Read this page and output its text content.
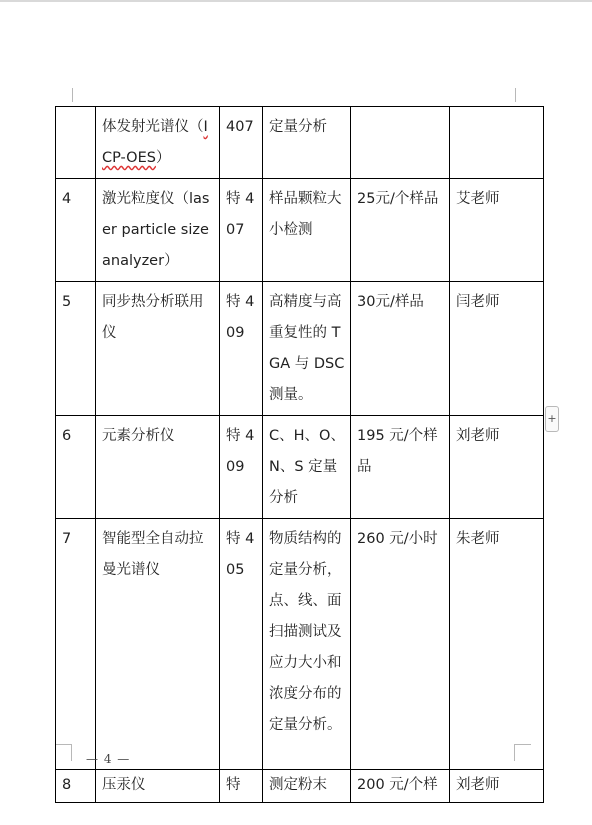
+
	体发射光谱仪（ICP-OES）	407	定量分析		
4	激光粒度仪（laser particle size analyzer）	特 407	样品颗粒大小检测	25元/个样品	艾老师
5	同步热分析联用仪	特 409	高精度与高重复性的 TGA 与 DSC 测量。	30元/样品	闫老师
6	元素分析仪	特 409	C、H、O、N、S 定量分析	195 元/个样品	刘老师
7	智能型全自动拉曼光谱仪	特 405	物质结构的定量分析，点、线、面扫描测试及应力大小和浓度分布的定量分析。	260 元/小时	朱老师
8	压汞仪	特	测定粉末	200 元/个样	刘老师
— 4 —
